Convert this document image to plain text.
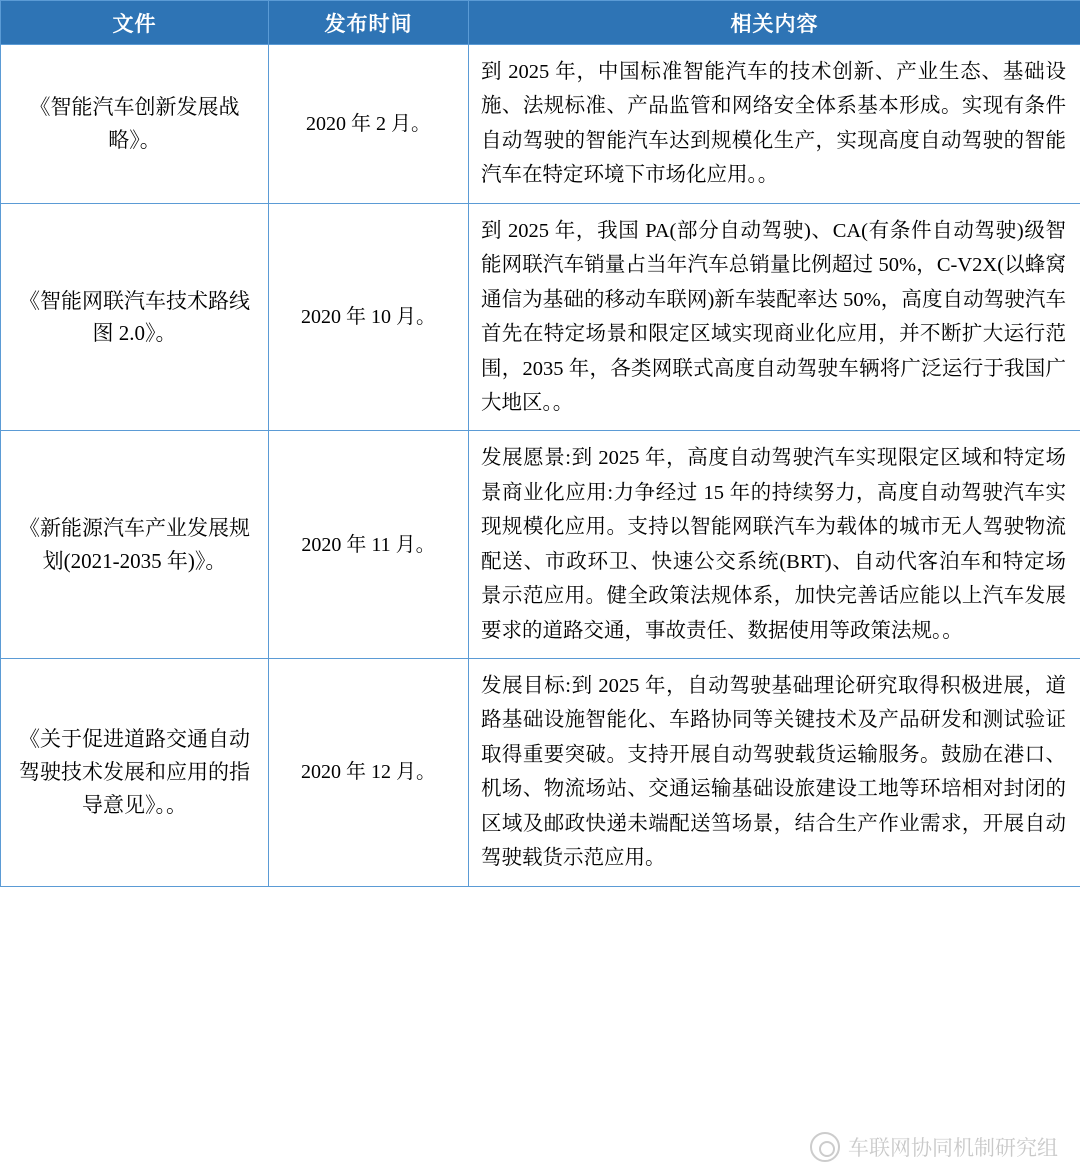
文件	发布时间	相关内容
《智能汽车创新发展战略》。	2020 年 2 月。	到 2025 年，中国标准智能汽车的技术创新、产业生态、基础设施、法规标准、产品监管和网络安全体系基本形成。实现有条件自动驾驶的智能汽车达到规模化生产，实现高度自动驾驶的智能汽车在特定环境下市场化应用。。
《智能网联汽车技术路线图 2.0》。	2020 年 10 月。	到 2025 年，我国 PA(部分自动驾驶)、CA(有条件自动驾驶)级智能网联汽车销量占当年汽车总销量比例超过 50%，C-V2X(以蜂窝通信为基础的移动车联网)新车装配率达 50%，高度自动驾驶汽车首先在特定场景和限定区域实现商业化应用，并不断扩大运行范围，2035 年，各类网联式高度自动驾驶车辆将广泛运行于我国广大地区。。
《新能源汽车产业发展规划(2021-2035 年)》。	2020 年 11 月。	发展愿景:到 2025 年，高度自动驾驶汽车实现限定区域和特定场景商业化应用:力争经过 15 年的持续努力，高度自动驾驶汽车实现规模化应用。支持以智能网联汽车为载体的城市无人驾驶物流配送、市政环卫、快速公交系统(BRT)、自动代客泊车和特定场景示范应用。健全政策法规体系，加快完善话应能以上汽车发展要求的道路交通，事故责任、数据使用等政策法规。。
《关于促进道路交通自动驾驶技术发展和应用的指导意见》。。	2020 年 12 月。	发展目标:到 2025 年，自动驾驶基础理论研究取得积极进展，道路基础设施智能化、车路协同等关键技术及产品研发和测试验证取得重要突破。支持开展自动驾驶载货运输服务。鼓励在港口、机场、物流场站、交通运输基础设旅建设工地等环培相对封闭的区域及邮政快递未端配送筜场景，结合生产作业需求，开展自动驾驶载货示范应用。
车联网协同机制研究组
